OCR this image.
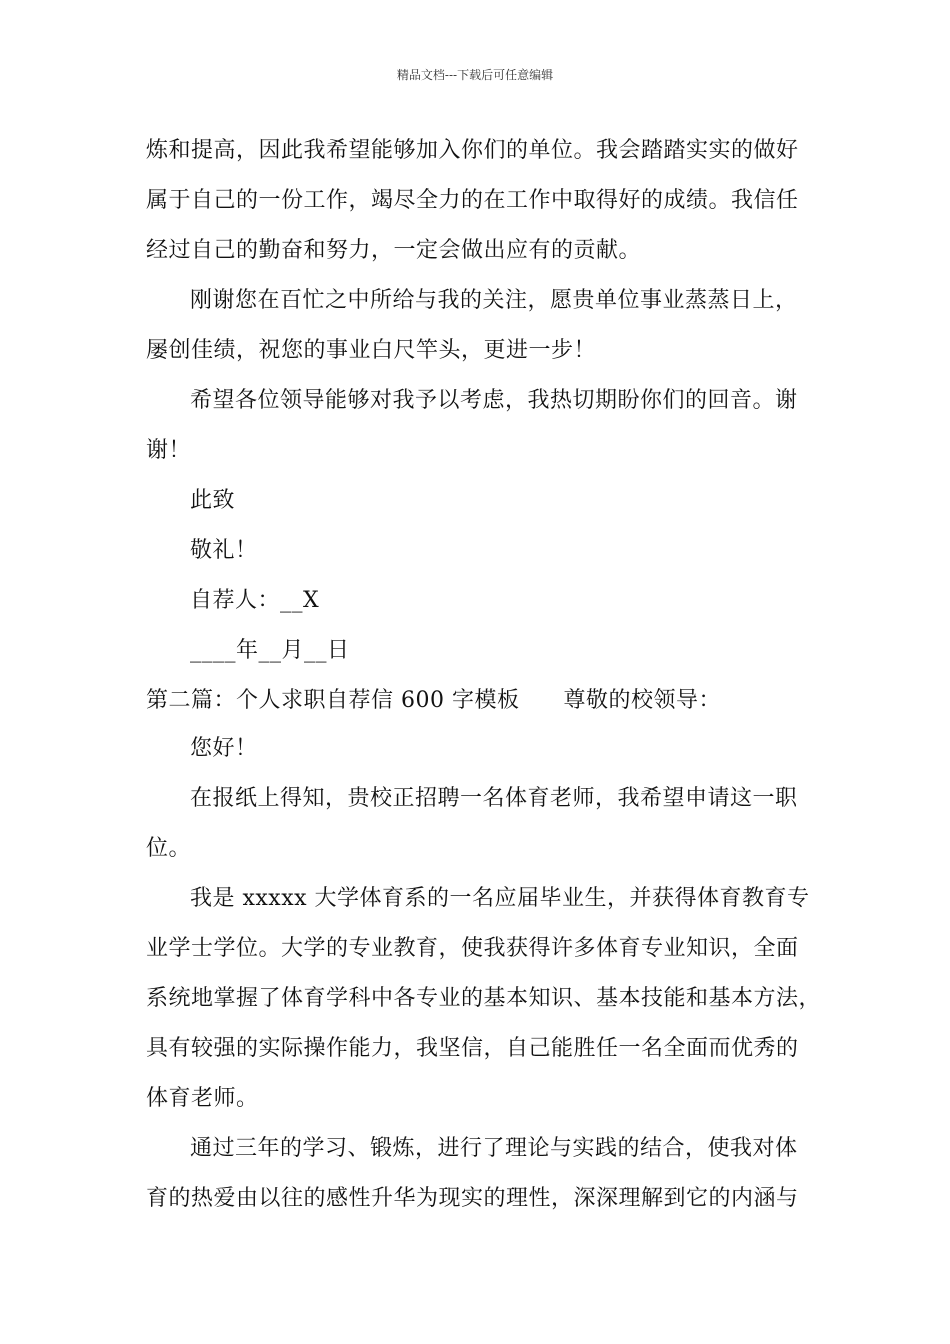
精品文档---下载后可任意编辑
炼和提高，因此我希望能够加入你们的单位。我会踏踏实实的做好
属于自己的一份工作，竭尽全力的在工作中取得好的成绩。我信任
经过自己的勤奋和努力，一定会做出应有的贡献。
刚谢您在百忙之中所给与我的关注，愿贵单位事业蒸蒸日上，
屡创佳绩，祝您的事业白尺竿头，更进一步！
希望各位领导能够对我予以考虑，我热切期盼你们的回音。谢
谢！
此致
敬礼！
自荐人：__X
____年__月__日
第二篇：个人求职自荐信 600 字模板 尊敬的校领导：
您好！
在报纸上得知，贵校正招聘一名体育老师，我希望申请这一职
位。
我是 xxxxx 大学体育系的一名应届毕业生，并获得体育教育专
业学士学位。大学的专业教育，使我获得许多体育专业知识，全面
系统地掌握了体育学科中各专业的基本知识、基本技能和基本方法，
具有较强的实际操作能力，我坚信，自己能胜任一名全面而优秀的
体育老师。
通过三年的学习、锻炼，进行了理论与实践的结合，使我对体
育的热爱由以往的感性升华为现实的理性，深深理解到它的内涵与
